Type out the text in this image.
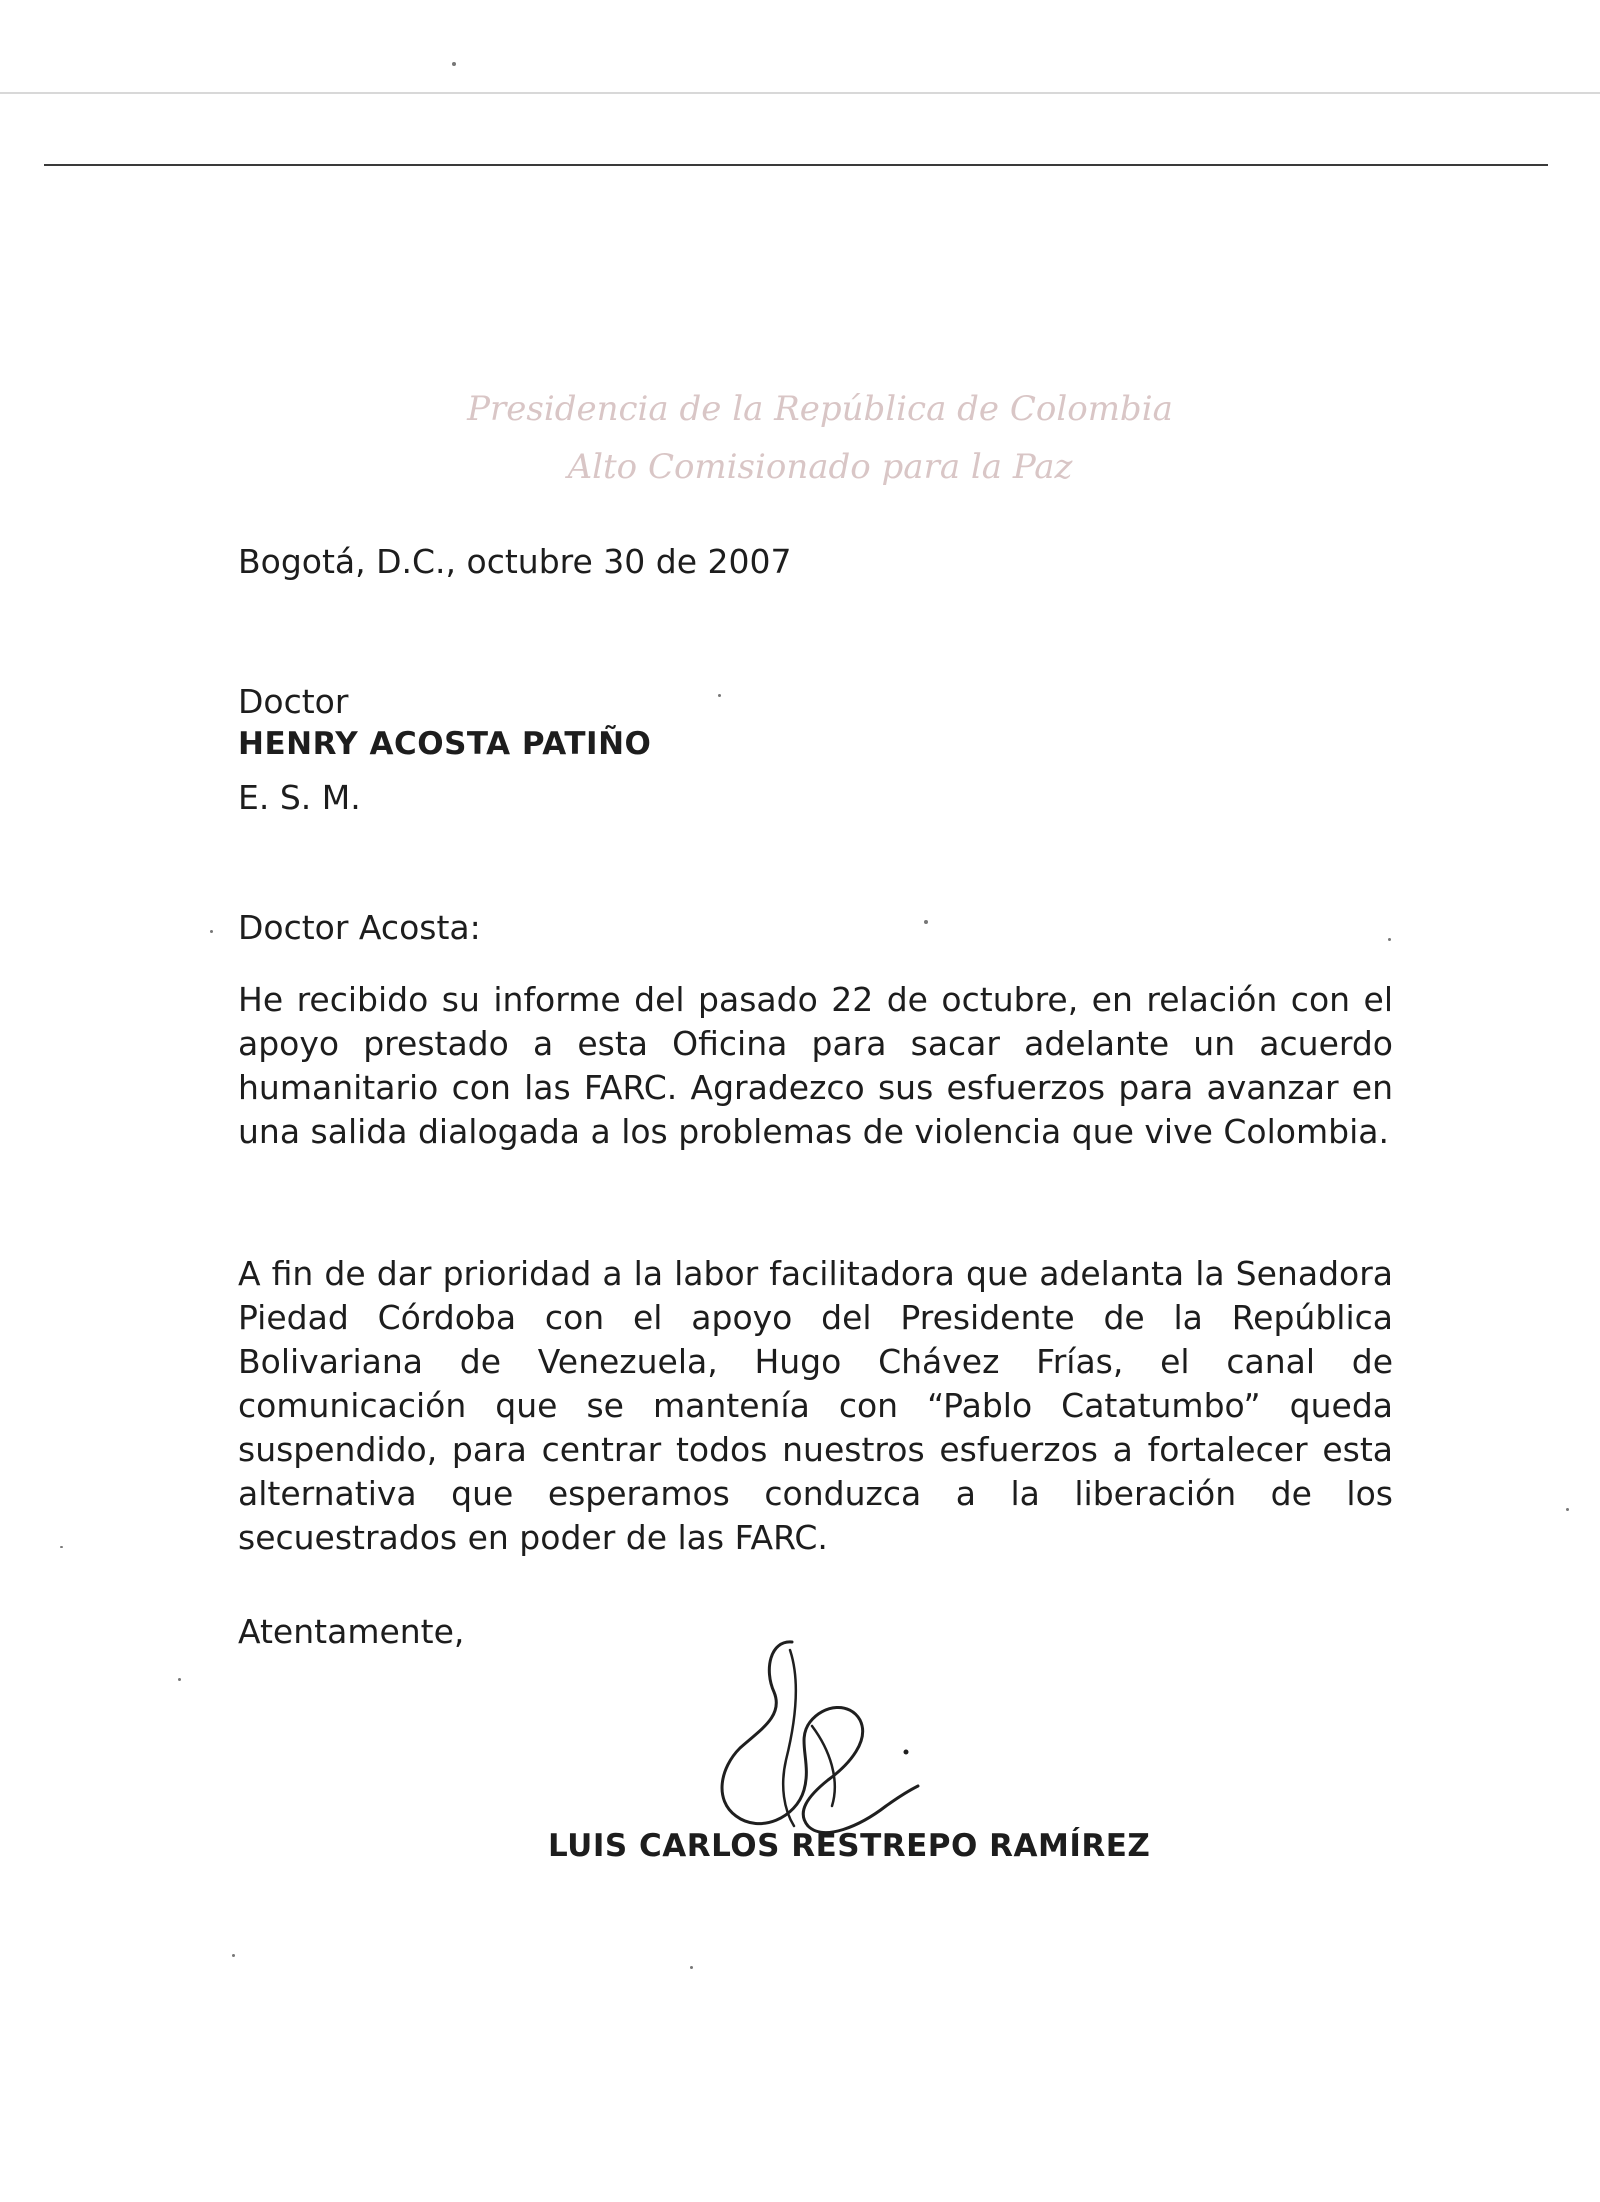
Presidencia de la República de Colombia
Alto Comisionado para la Paz
Bogotá, D.C., octubre 30 de 2007
Doctor
HENRY ACOSTA PATIÑO
E. S. M.
Doctor Acosta:
He recibido su informe del pasado 22 de octubre, en relación con el apoyo prestado a esta Oficina para sacar adelante un acuerdo humanitario con las FARC. Agradezco sus esfuerzos para avanzar en una salida dialogada a los problemas de violencia que vive Colombia.
A fin de dar prioridad a la labor facilitadora que adelanta la Senadora Piedad Córdoba con el apoyo del Presidente de la República Bolivariana de Venezuela, Hugo Chávez Frías, el canal de comunicación que se mantenía con “Pablo Catatumbo” queda suspendido, para centrar todos nuestros esfuerzos a fortalecer esta alternativa que esperamos conduzca a la liberación de los secuestrados en poder de las FARC.
Atentamente,
LUIS CARLOS RESTREPO RAMÍREZ
